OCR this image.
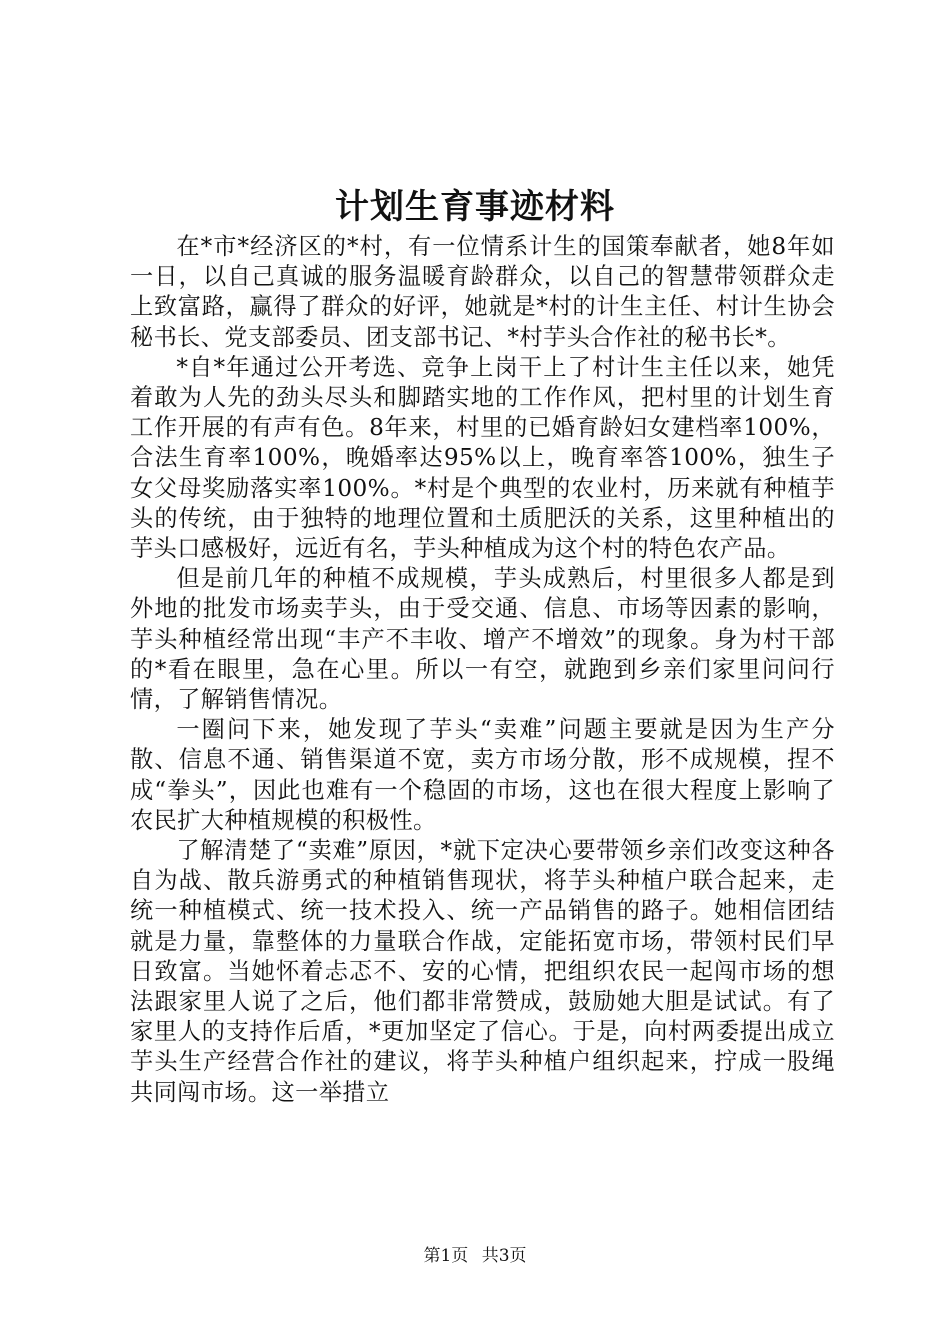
计划生育事迹材料

在*市*经济区的*村，有一位情系计生的国策奉献者，她8年如一日，以自己真诚的服务温暖育龄群众，以自己的智慧带领群众走上致富路，赢得了群众的好评，她就是*村的计生主任、村计生协会秘书长、党支部委员、团支部书记、*村芋头合作社的秘书长*。

*自*年通过公开考选、竞争上岗干上了村计生主任以来，她凭着敢为人先的劲头尽头和脚踏实地的工作作风，把村里的计划生育工作开展的有声有色。8年来，村里的已婚育龄妇女建档率100%，合法生育率100%，晚婚率达95%以上，晚育率答100%，独生子女父母奖励落实率100%。*村是个典型的农业村，历来就有种植芋头的传统，由于独特的地理位置和土质肥沃的关系，这里种植出的芋头口感极好，远近有名，芋头种植成为这个村的特色农产品。

但是前几年的种植不成规模，芋头成熟后，村里很多人都是到外地的批发市场卖芋头，由于受交通、信息、市场等因素的影响，芋头种植经常出现“丰产不丰收、增产不增效”的现象。身为村干部的*看在眼里，急在心里。所以一有空，就跑到乡亲们家里问问行情，了解销售情况。

一圈问下来，她发现了芋头“卖难”问题主要就是因为生产分散、信息不通、销售渠道不宽，卖方市场分散，形不成规模，捏不成“拳头”，因此也难有一个稳固的市场，这也在很大程度上影响了农民扩大种植规模的积极性。

了解清楚了“卖难”原因，*就下定决心要带领乡亲们改变这种各自为战、散兵游勇式的种植销售现状，将芋头种植户联合起来，走统一种植模式、统一技术投入、统一产品销售的路子。她相信团结就是力量，靠整体的力量联合作战，定能拓宽市场，带领村民们早日致富。当她怀着忐忑不、安的心情，把组织农民一起闯市场的想法跟家里人说了之后，他们都非常赞成，鼓励她大胆是试试。有了家里人的支持作后盾，*更加坚定了信心。于是，向村两委提出成立芋头生产经营合作社的建议，将芋头种植户组织起来，拧成一股绳共同闯市场。这一举措立

第1页 共3页
